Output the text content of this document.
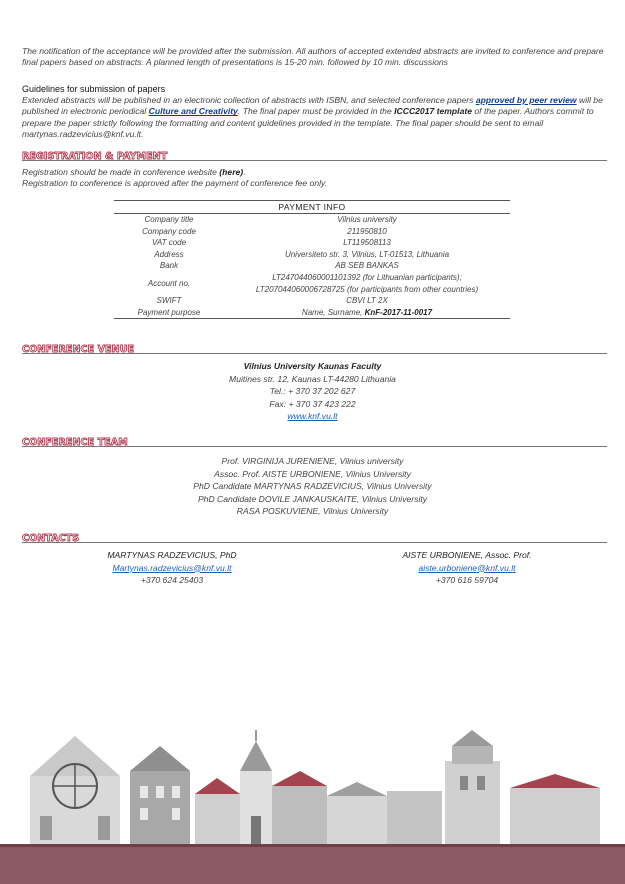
The notification of the acceptance will be provided after the submission. All authors of accepted extended abstracts are invited to conference and prepare final papers based on abstracts. A planned length of presentations is 15-20 min. followed by 10 min. discussions

Guidelines for submission of papers

Extended abstracts will be published in an electronic collection of abstracts with ISBN, and selected conference papers approved by peer review will be published in electronic periodical Culture and Creativity. The final paper must be provided in the ICCC2017 template of the paper. Authors commit to prepare the paper strictly following the formatting and content guidelines provided in the template. The final paper should be sent to email martynas.radzevicius@knf.vu.lt.

REGISTRATION & PAYMENT

Registration should be made in conference website (here).

Registration to conference is approved after the payment of conference fee only.

PAYMENT INFO	
Company title	Vilnius university
Company code	211950810
VAT code	LT119508113
Address	Universiteto str. 3, Vilnius, LT-01513, Lithuania
Bank	AB SEB BANKAS
Account no.	LT247044060001101392 (for Lithuanian participants);
LT207044060006728725 (for participants from other countries)

SWIFT	CBVI LT 2X
Payment purpose	Name, Surname, KnF-2017-11-0017
CONFERENCE VENUE
Vilnius University Kaunas Faculty
Muitines str. 12, Kaunas LT-44280 Lithuania
Tel.: + 370 37 202 627
Fax: + 370 37 423 222
www.knf.vu.lt
CONFERENCE TEAM
Prof. VIRGINIJA JURENIENE, Vilnius university
Assoc. Prof. AISTE URBONIENE, Vilnius University
PhD Candidate MARTYNAS RADZEVICIUS, Vilnius University
PhD Candidate DOVILE JANKAUSKAITE, Vilnius University
RASA POSKUVIENE, Vilnius University
CONTACTS
MARTYNAS RADZEVICIUS, PhD
Martynas.radzevicius@knf.vu.lt
+370 624 25403
AISTE URBONIENE, Assoc. Prof.
aiste.urboniene@knf.vu.lt
+370 616 59704
